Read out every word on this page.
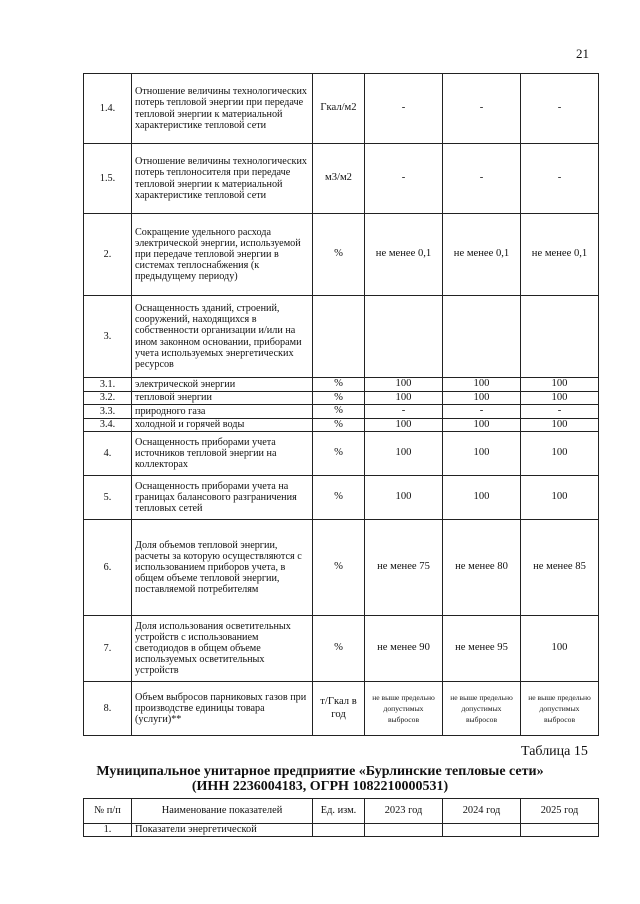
21
1.4.	Отношение величины технологических потерь тепловой энергии при передаче тепловой энергии к материальной характеристике тепловой сети	Гкал/м2	-	-	-
1.5.	Отношение величины технологических потерь теплоносителя при передаче тепловой энергии к материальной характеристике тепловой сети	м3/м2	-	-	-
2.	Сокращение удельного расхода электрической энергии, используемой при передаче тепловой энергии в системах теплоснабжения (к предыдущему периоду)	%	не менее 0,1	не менее 0,1	не менее 0,1
3.	Оснащенность зданий, строений, сооружений, находящихся в собственности организации и/или на ином законном основании, приборами учета используемых энергетических ресурсов				
3.1.	электрической энергии	%	100	100	100
3.2.	тепловой энергии	%	100	100	100
3.3.	природного газа	%	-	-	-
3.4.	холодной и горячей воды	%	100	100	100
4.	Оснащенность приборами учета источников тепловой энергии на коллекторах	%	100	100	100
5.	Оснащенность приборами учета на границах балансового разграничения тепловых сетей	%	100	100	100
6.	Доля объемов тепловой энергии, расчеты за которую осуществляются с использованием приборов учета, в общем объеме тепловой энергии, поставляемой потребителям	%	не менее 75	не менее 80	не менее 85
7.	Доля использования осветительных устройств с использованием светодиодов в общем объеме используемых осветительных устройств	%	не менее 90	не менее 95	100
8.	Объем выбросов парниковых газов при производстве единицы товара (услуги)**	т/Гкал в год	не выше предельно допустимых выбросов	не выше предельно допустимых выбросов	не выше предельно допустимых выбросов
Таблица 15
Муниципальное унитарное предприятие «Бурлинские тепловые сети»
(ИНН 2236004183, ОГРН 1082210000531)
№ п/п	Наименование показателей	Ед. изм.	2023 год	2024 год	2025 год
1.	Показатели энергетической				
